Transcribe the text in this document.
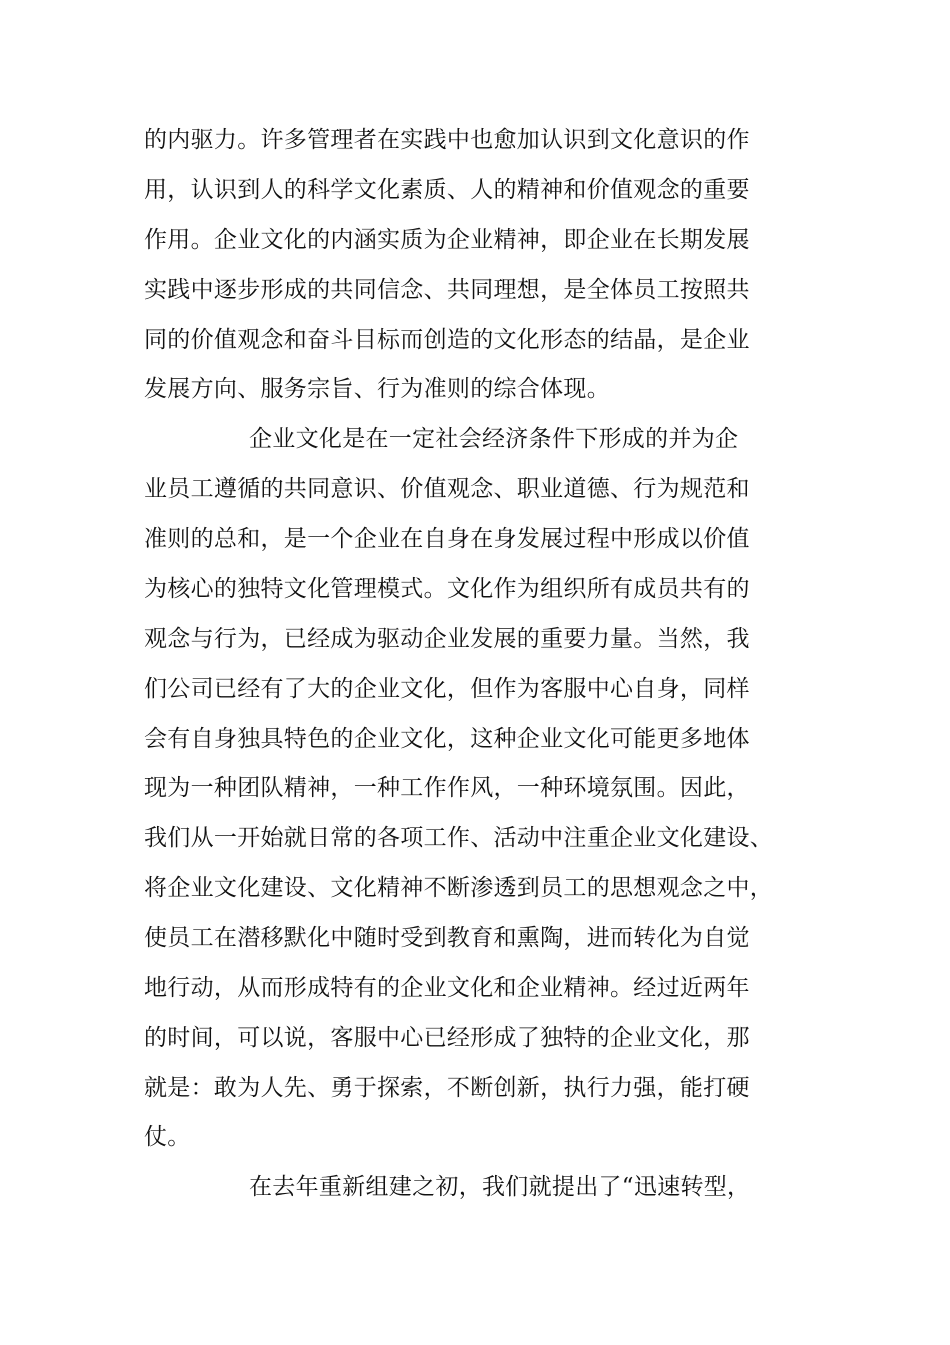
的内驱力。许多管理者在实践中也愈加认识到文化意识的作
用，认识到人的科学文化素质、人的精神和价值观念的重要
作用。企业文化的内涵实质为企业精神，即企业在长期发展
实践中逐步形成的共同信念、共同理想，是全体员工按照共
同的价值观念和奋斗目标而创造的文化形态的结晶，是企业
发展方向、服务宗旨、行为准则的综合体现。
企业文化是在一定社会经济条件下形成的并为企
业员工遵循的共同意识、价值观念、职业道德、行为规范和
准则的总和，是一个企业在自身在身发展过程中形成以价值
为核心的独特文化管理模式。文化作为组织所有成员共有的
观念与行为，已经成为驱动企业发展的重要力量。当然，我
们公司已经有了大的企业文化，但作为客服中心自身，同样
会有自身独具特色的企业文化，这种企业文化可能更多地体
现为一种团队精神，一种工作作风，一种环境氛围。因此，
我们从一开始就日常的各项工作、活动中注重企业文化建设、
将企业文化建设、文化精神不断渗透到员工的思想观念之中，
使员工在潜移默化中随时受到教育和熏陶，进而转化为自觉
地行动，从而形成特有的企业文化和企业精神。经过近两年
的时间，可以说，客服中心已经形成了独特的企业文化，那
就是：敢为人先、勇于探索，不断创新，执行力强，能打硬
仗。
在去年重新组建之初，我们就提出了“迅速转型，
